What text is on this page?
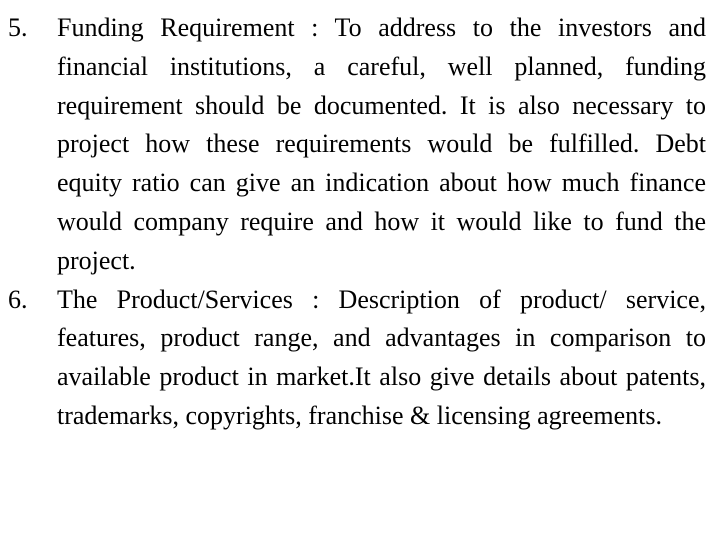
5. Funding Requirement : To address to the investors and financial institutions, a careful, well planned, funding requirement should be documented. It is also necessary to project how these requirements would be fulfilled. Debt equity ratio can give an indication about how much finance would company require and how it would like to fund the project.
6. The Product/Services : Description of product/ service, features, product range, and advantages in comparison to available product in market.It also give details about patents, trademarks, copyrights, franchise & licensing agreements.
